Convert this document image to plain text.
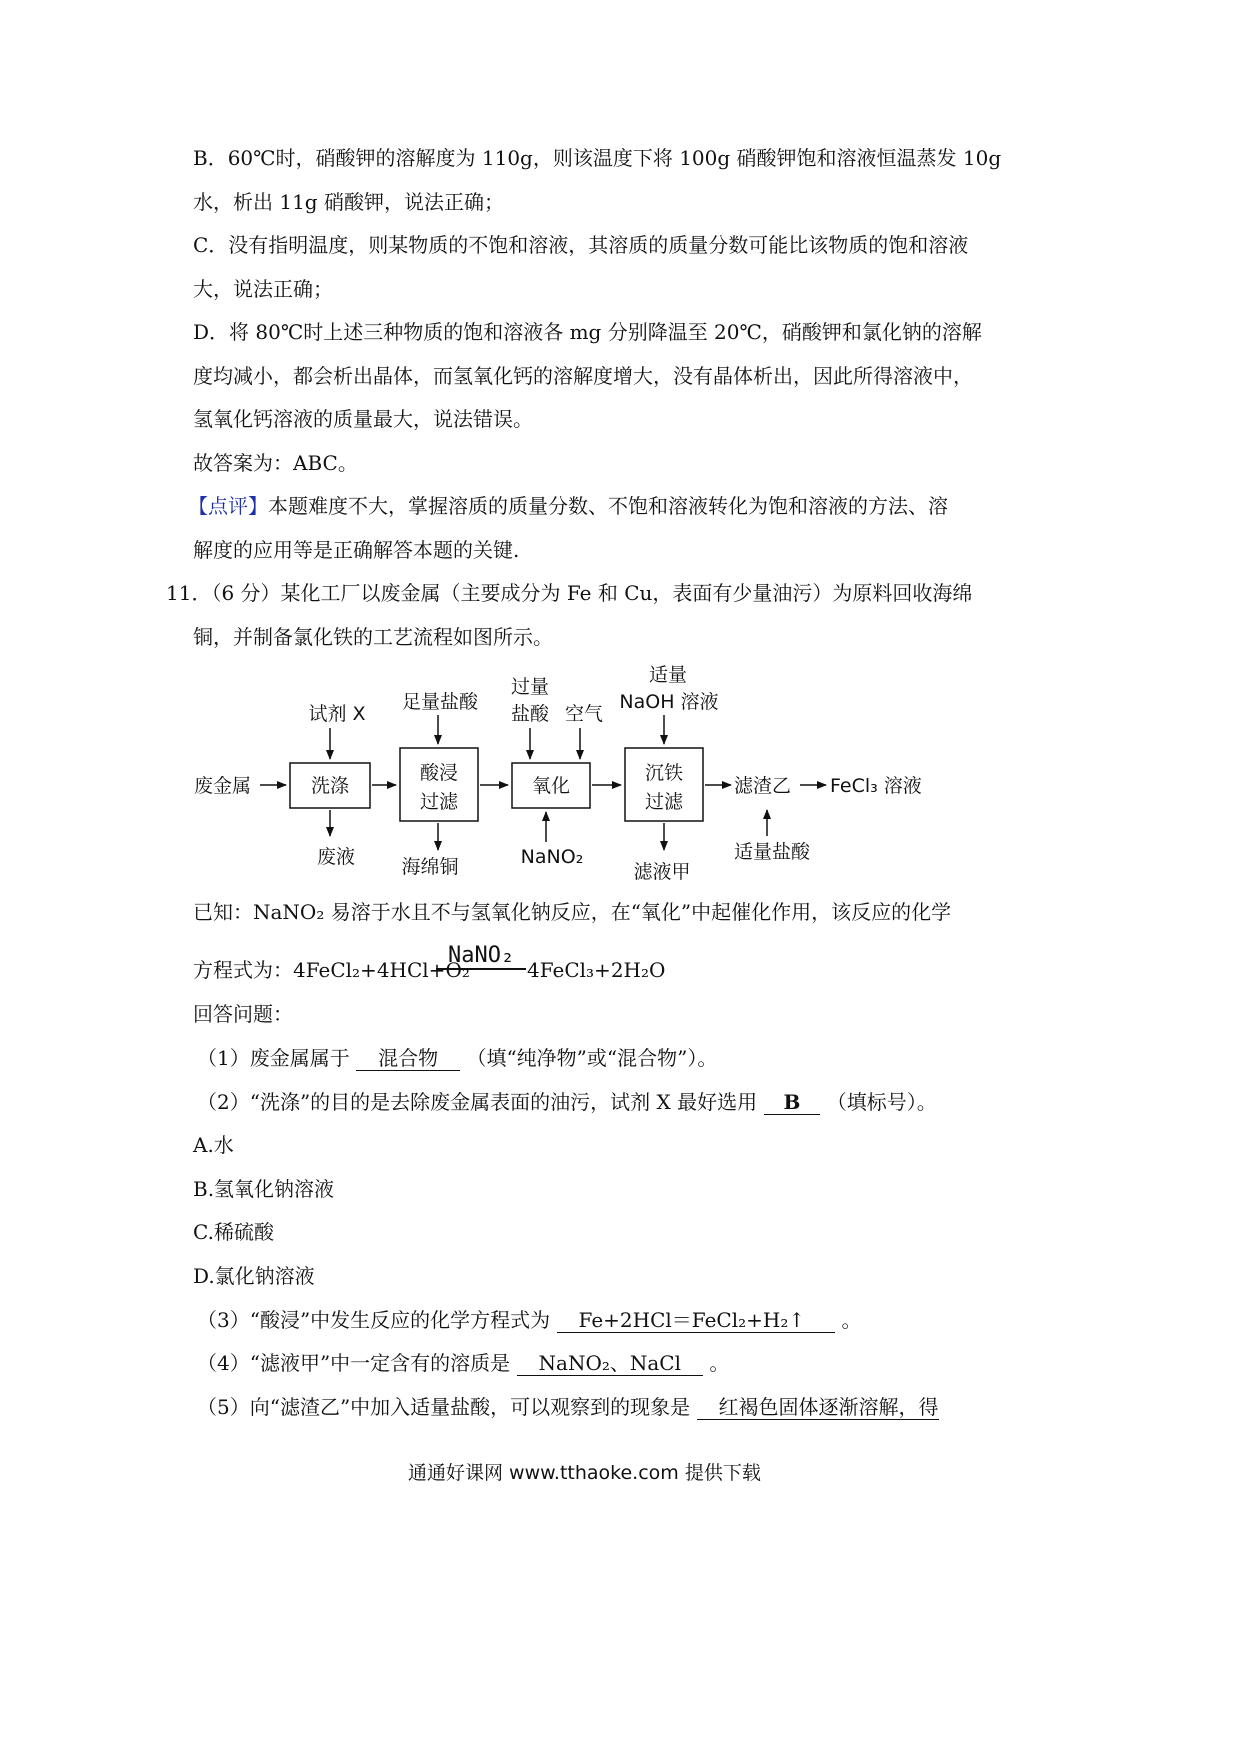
B．60℃时，硝酸钾的溶解度为 110g，则该温度下将 100g 硝酸钾饱和溶液恒温蒸发 10g
水，析出 11g 硝酸钾，说法正确；
C．没有指明温度，则某物质的不饱和溶液，其溶质的质量分数可能比该物质的饱和溶液
大，说法正确；
D．将 80℃时上述三种物质的饱和溶液各 mg 分别降温至 20℃，硝酸钾和氯化钠的溶解
度均减小，都会析出晶体，而氢氧化钙的溶解度增大，没有晶体析出，因此所得溶液中，
氢氧化钙溶液的质量最大，说法错误。
故答案为：ABC。
【点评】本题难度不大，掌握溶质的质量分数、不饱和溶液转化为饱和溶液的方法、溶
解度的应用等是正确解答本题的关键.
11．（6 分）某化工厂以废金属（主要成分为 Fe 和 Cu，表面有少量油污）为原料回收海绵
铜，并制备氯化铁的工艺流程如图所示。
废金属	洗涤
酸浸
过滤
氧化
沉铁
过滤
滤渣乙 FeCl₃ 溶液
试剂 X
足量盐酸
过量
盐酸 空气
适量
NaOH 溶液
废液 海绵铜	NaNO₂
滤液甲
适量盐酸
已知：NaNO₂ 易溶于水且不与氢氧化钠反应，在“氧化”中起催化作用，该反应的化学
方程式为：4FeCl₂+4HCl+O₂
NaNO₂
4FeCl₃+2H₂O
回答问题：
（1）废金属属于 混合物 （填“纯净物”或“混合物”）。
（2）“洗涤”的目的是去除废金属表面的油污，试剂 X 最好选用 B （填标号）。
A.水
B.氢氧化钠溶液
C.稀硫酸
D.氯化钠溶液
（3）“酸浸”中发生反应的化学方程式为 Fe+2HCl＝FeCl₂+H₂↑ 。
（4）“滤液甲”中一定含有的溶质是 NaNO₂、NaCl 。
（5）向“滤渣乙”中加入适量盐酸，可以观察到的现象是 红褐色固体逐渐溶解，得
通通好课网 www.tthaoke.com 提供下载
